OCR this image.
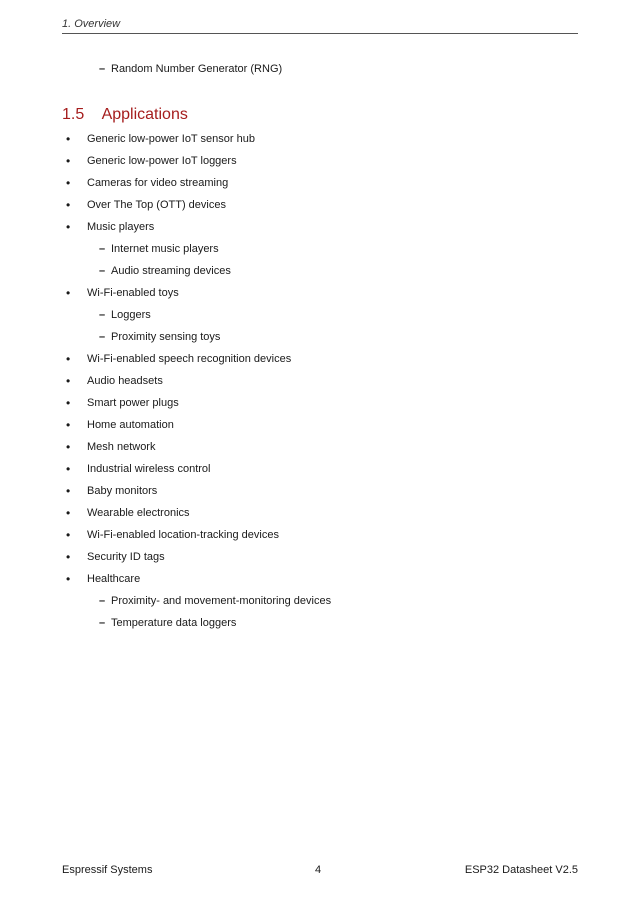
1. Overview
– Random Number Generator (RNG)
1.5 Applications
• Generic low-power IoT sensor hub
• Generic low-power IoT loggers
• Cameras for video streaming
• Over The Top (OTT) devices
• Music players
– Internet music players
– Audio streaming devices
• Wi-Fi-enabled toys
– Loggers
– Proximity sensing toys
• Wi-Fi-enabled speech recognition devices
• Audio headsets
• Smart power plugs
• Home automation
• Mesh network
• Industrial wireless control
• Baby monitors
• Wearable electronics
• Wi-Fi-enabled location-tracking devices
• Security ID tags
• Healthcare
– Proximity- and movement-monitoring devices
– Temperature data loggers
Espressif Systems	4	ESP32 Datasheet V2.5
